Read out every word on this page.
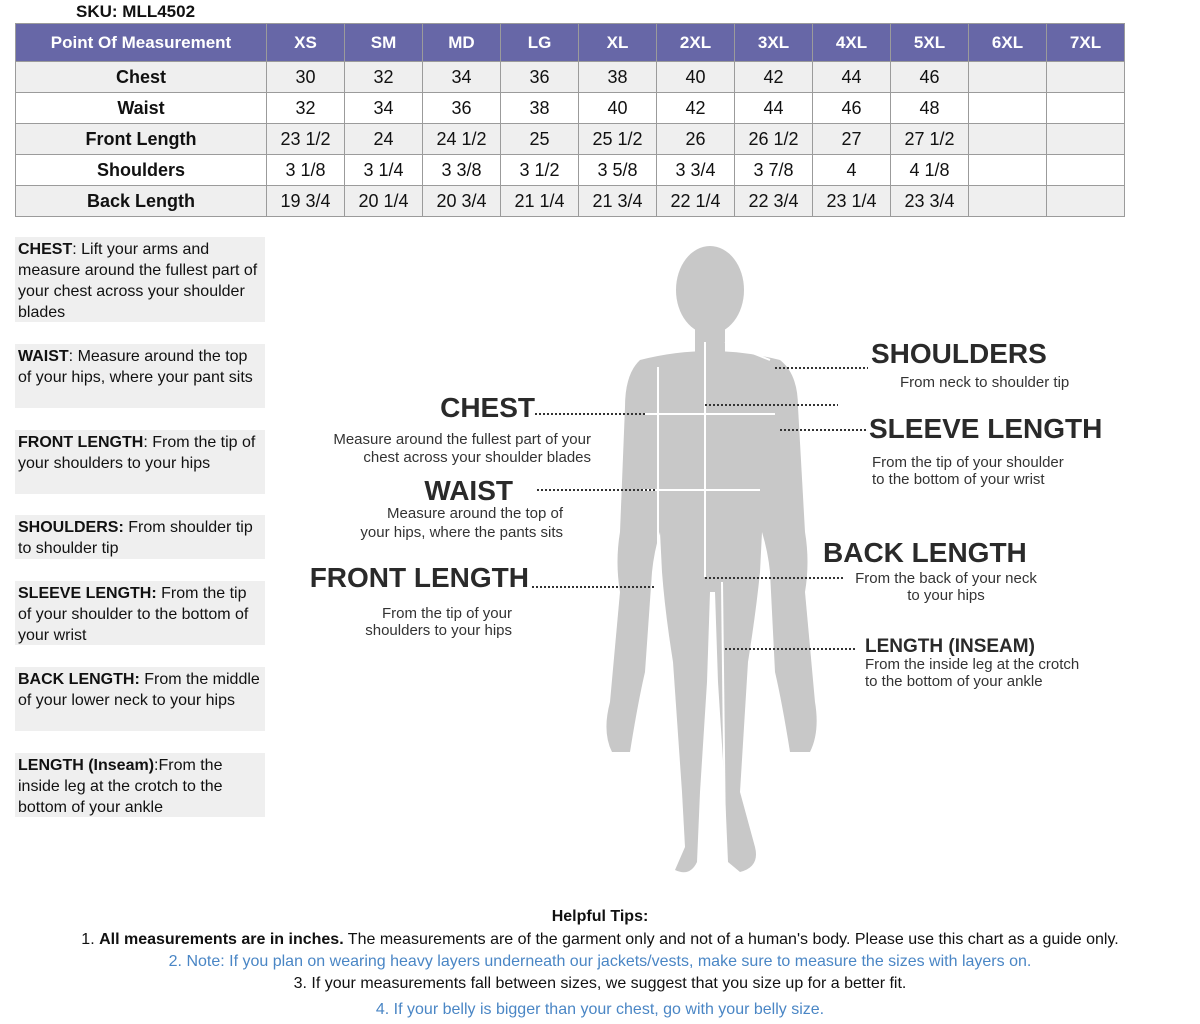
SKU: MLL4502
Point Of Measurement	XS	SM	MD	LG	XL	2XL	3XL	4XL	5XL	6XL	7XL
Chest	30	32	34	36	38	40	42	44	46		
Waist	32	34	36	38	40	42	44	46	48		
Front Length	23 1/2	24	24 1/2	25	25 1/2	26	26 1/2	27	27 1/2		
Shoulders	3 1/8	3 1/4	3 3/8	3 1/2	3 5/8	3 3/4	3 7/8	4	4 1/8		
Back Length	19 3/4	20 1/4	20 3/4	21 1/4	21 3/4	22 1/4	22 3/4	23 1/4	23 3/4		
CHEST: Lift your arms and measure around the fullest part of your chest across your shoulder blades
WAIST: Measure around the top of your hips, where your pant sits
FRONT LENGTH: From the tip of your shoulders to your hips
SHOULDERS: From shoulder tip to shoulder tip
SLEEVE LENGTH: From the tip of your shoulder to the bottom of your wrist
BACK LENGTH: From the middle of your lower neck to your hips
LENGTH (Inseam):From the inside leg at the crotch to the bottom of your ankle
CHEST
Measure around the fullest part of your
chest across your shoulder blades
WAIST
Measure around the top of
your hips, where the pants sits
FRONT LENGTH
From the tip of your
shoulders to your hips
SHOULDERS
From neck to shoulder tip
SLEEVE LENGTH
From the tip of your shoulder
to the bottom of your wrist
BACK LENGTH
From the back of your neck
to your hips
LENGTH (INSEAM)
From the inside leg at the crotch
to the bottom of your ankle
Helpful Tips:
1. All measurements are in inches. The measurements are of the garment only and not of a human's body. Please use this chart as a guide only.
2. Note: If you plan on wearing heavy layers underneath our jackets/vests, make sure to measure the sizes with layers on.
3. If your measurements fall between sizes, we suggest that you size up for a better fit.
4. If your belly is bigger than your chest, go with your belly size.
